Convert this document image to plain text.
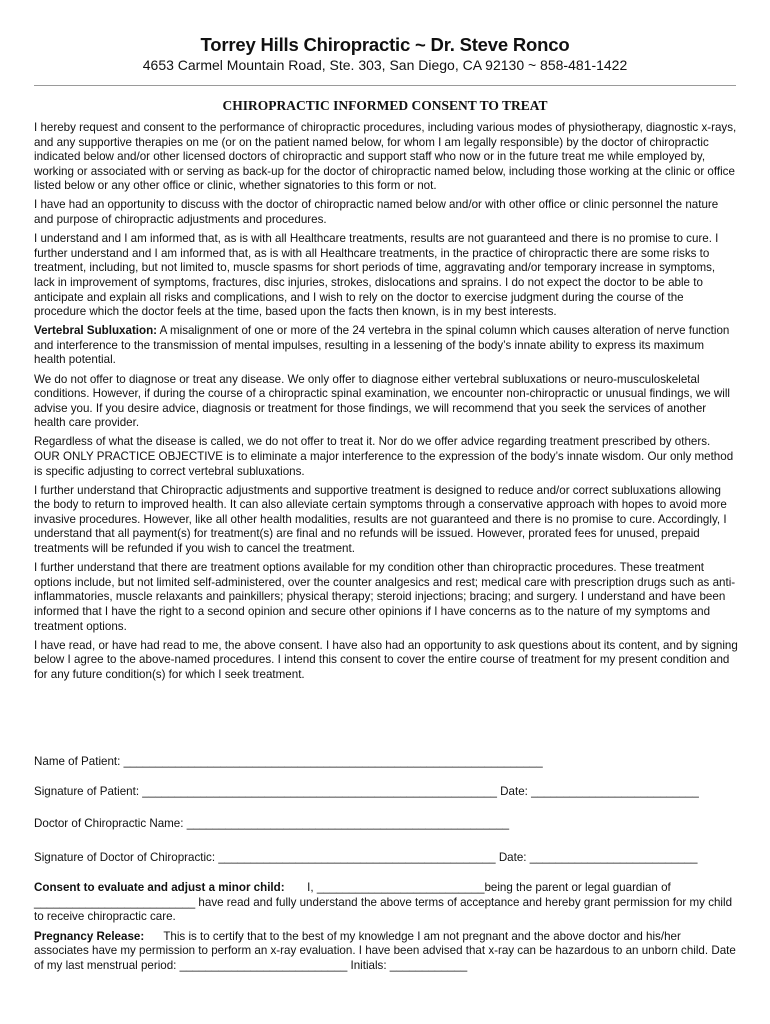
Torrey Hills Chiropractic ~ Dr. Steve Ronco
4653 Carmel Mountain Road, Ste. 303, San Diego, CA 92130 ~ 858-481-1422
CHIROPRACTIC INFORMED CONSENT TO TREAT

I hereby request and consent to the performance of chiropractic procedures, including various modes of physiotherapy, diagnostic x-rays, and any supportive therapies on me (or on the patient named below, for whom I am legally responsible) by the doctor of chiropractic indicated below and/or other licensed doctors of chiropractic and support staff who now or in the future treat me while employed by, working or associated with or serving as back-up for the doctor of chiropractic named below, including those working at the clinic or office listed below or any other office or clinic, whether signatories to this form or not.

I have had an opportunity to discuss with the doctor of chiropractic named below and/or with other office or clinic personnel the nature and purpose of chiropractic adjustments and procedures.

I understand and I am informed that, as is with all Healthcare treatments, results are not guaranteed and there is no promise to cure. I further understand and I am informed that, as is with all Healthcare treatments, in the practice of chiropractic there are some risks to treatment, including, but not limited to, muscle spasms for short periods of time, aggravating and/or temporary increase in symptoms, lack in improvement of symptoms, fractures, disc injuries, strokes, dislocations and sprains. I do not expect the doctor to be able to anticipate and explain all risks and complications, and I wish to rely on the doctor to exercise judgment during the course of the procedure which the doctor feels at the time, based upon the facts then known, is in my best interests.

Vertebral Subluxation: A misalignment of one or more of the 24 vertebra in the spinal column which causes alteration of nerve function and interference to the transmission of mental impulses, resulting in a lessening of the body’s innate ability to express its maximum health potential.

We do not offer to diagnose or treat any disease. We only offer to diagnose either vertebral subluxations or neuro-musculoskeletal conditions. However, if during the course of a chiropractic spinal examination, we encounter non-chiropractic or unusual findings, we will advise you. If you desire advice, diagnosis or treatment for those findings, we will recommend that you seek the services of another health care provider.

Regardless of what the disease is called, we do not offer to treat it. Nor do we offer advice regarding treatment prescribed by others. OUR ONLY PRACTICE OBJECTIVE is to eliminate a major interference to the expression of the body’s innate wisdom. Our only method is specific adjusting to correct vertebral subluxations.

I further understand that Chiropractic adjustments and supportive treatment is designed to reduce and/or correct subluxations allowing the body to return to improved health. It can also alleviate certain symptoms through a conservative approach with hopes to avoid more invasive procedures. However, like all other health modalities, results are not guaranteed and there is no promise to cure. Accordingly, I understand that all payment(s) for treatment(s) are final and no refunds will be issued. However, prorated fees for unused, prepaid treatments will be refunded if you wish to cancel the treatment.

I further understand that there are treatment options available for my condition other than chiropractic procedures. These treatment options include, but not limited self-administered, over the counter analgesics and rest; medical care with prescription drugs such as anti-inflammatories, muscle relaxants and painkillers; physical therapy; steroid injections; bracing; and surgery. I understand and have been informed that I have the right to a second opinion and secure other opinions if I have concerns as to the nature of my symptoms and treatment options.

I have read, or have had read to me, the above consent. I have also had an opportunity to ask questions about its content, and by signing below I agree to the above-named procedures. I intend this consent to cover the entire course of treatment for my present condition and for any future condition(s) for which I seek treatment.

Name of Patient: _________________________________________________________________
Signature of Patient: _______________________________________________________ Date: __________________________
Doctor of Chiropractic Name: __________________________________________________
Signature of Doctor of Chiropractic: ___________________________________________ Date: __________________________

Consent to evaluate and adjust a minor child: I, __________________________being the parent or legal guardian of _________________________ have read and fully understand the above terms of acceptance and hereby grant permission for my child to receive chiropractic care.

Pregnancy Release: This is to certify that to the best of my knowledge I am not pregnant and the above doctor and his/her associates have my permission to perform an x-ray evaluation. I have been advised that x-ray can be hazardous to an unborn child. Date of my last menstrual period: __________________________ Initials: ____________
